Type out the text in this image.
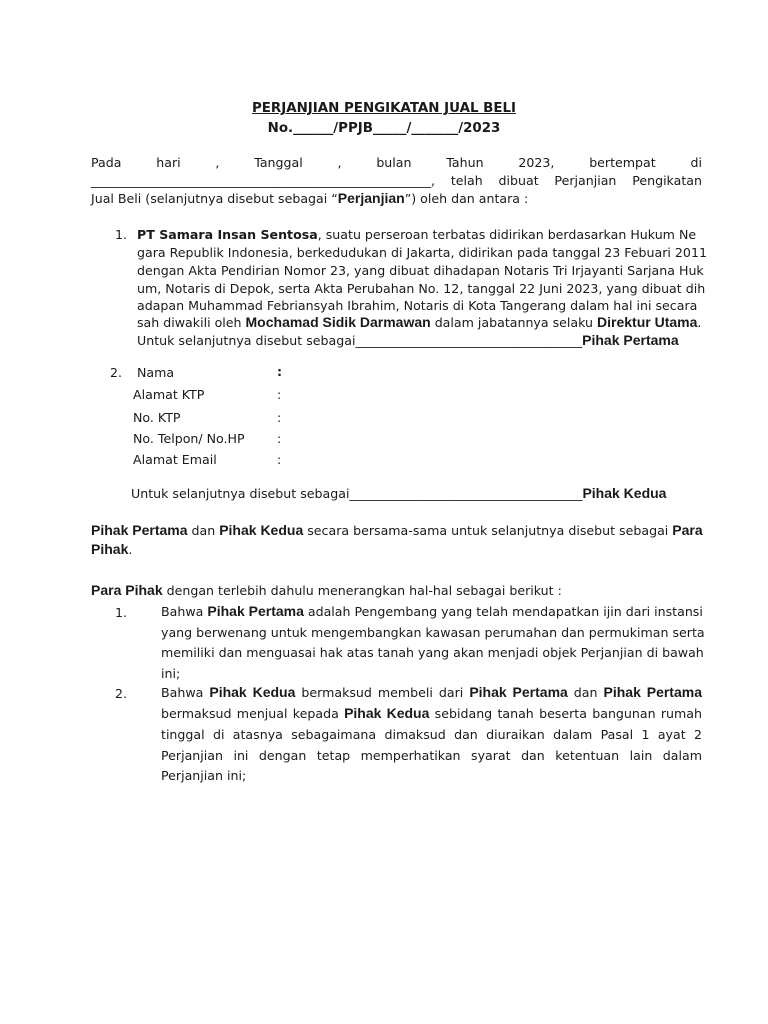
PERJANJIAN PENGIKATAN JUAL BELI
No.______/PPJB_____/_______/2023
Pada	hari	,	Tanggal	,	bulan	Tahun	2023,	bertempat	di
______________________________________________________, telah dibuat Perjanjian Pengikatan
Jual Beli (selanjutnya disebut sebagai “Perjanjian”) oleh dan antara :
1. PT Samara Insan Sentosa, suatu perseroan terbatas didirikan berdasarkan Hukum Ne
gara Republik Indonesia, berkedudukan di Jakarta, didirikan pada tanggal 23 Febuari 2011
dengan Akta Pendirian Nomor 23, yang dibuat dihadapan Notaris Tri Irjayanti Sarjana Huk
um, Notaris di Depok, serta Akta Perubahan No. 12, tanggal 22 Juni 2023, yang dibuat dih
adapan Muhammad Febriansyah Ibrahim, Notaris di Kota Tangerang dalam hal ini secara
sah diwakili oleh Mochamad Sidik Darmawan dalam jabatannya selaku Direktur Utama.
Untuk selanjutnya disebut sebagai____________________________________Pihak Pertama
2. Nama	:
Alamat KTP	:
No. KTP	:
No. Telpon/ No.HP	:
Alamat Email	:
Untuk selanjutnya disebut sebagai_____________________________________Pihak Kedua
Pihak Pertama dan Pihak Kedua secara bersama-sama untuk selanjutnya disebut sebagai Para
Pihak.
Para Pihak dengan terlebih dahulu menerangkan hal-hal sebagai berikut :
1.	Bahwa Pihak Pertama adalah Pengembang yang telah mendapatkan ijin dari instansi
yang berwenang untuk mengembangkan kawasan perumahan dan permukiman serta
memiliki dan menguasai hak atas tanah yang akan menjadi objek Perjanjian di bawah
ini;
2.	Bahwa Pihak Kedua bermaksud membeli dari Pihak Pertama dan Pihak Pertama
bermaksud menjual kepada Pihak Kedua sebidang tanah beserta bangunan rumah
tinggal di atasnya sebagaimana dimaksud dan diuraikan dalam Pasal 1 ayat 2
Perjanjian ini dengan tetap memperhatikan syarat dan ketentuan lain dalam
Perjanjian ini;
